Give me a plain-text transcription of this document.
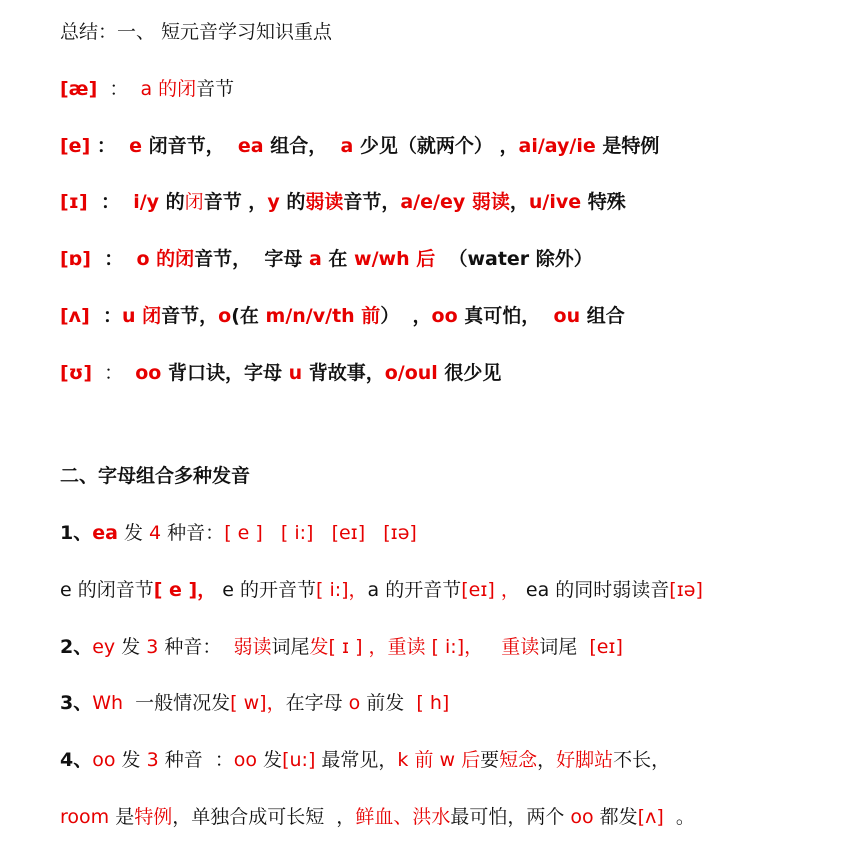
总结：一、 短元音学习知识重点
[æ]  ：  a 的闭音节
[e] ：  e 闭音节，  ea 组合，  a 少见（就两个） ，ai/ay/ie 是特例
[ɪ]  ：  i/y 的闭音节 ，y 的弱读音节，a/e/ey 弱读，u/ive 特殊
[ɒ]  ：  o 的闭音节，  字母 a 在 w/wh 后  （water 除外）
[ʌ]  ：u 闭音节，o(在 m/n/v/th 前）  ，oo 真可怕，  ou 组合
[ʊ]  ：  oo 背口诀，字母 u 背故事，o/oul 很少见
二、字母组合多种发音
1、ea 发 4 种音：[ e ]   [ i:]   [eɪ]   [ɪə]
e 的闭音节[ e ]， e 的开音节[ i:]，a 的开音节[eɪ] ， ea 的同时弱读音[ɪə]
2、ey 发 3 种音：  弱读词尾发[ ɪ ] ，重读 [ i:]，   重读词尾  [eɪ]
3、Wh  一般情况发[ w]，在字母 o 前发  [ h]
4、oo 发 3 种音  ：oo 发[u:] 最常见，k 前 w 后要短念，好脚站不长，
room 是特例，单独合成可长短  ，鲜血、洪水最可怕，两个 oo 都发[ʌ]  。
